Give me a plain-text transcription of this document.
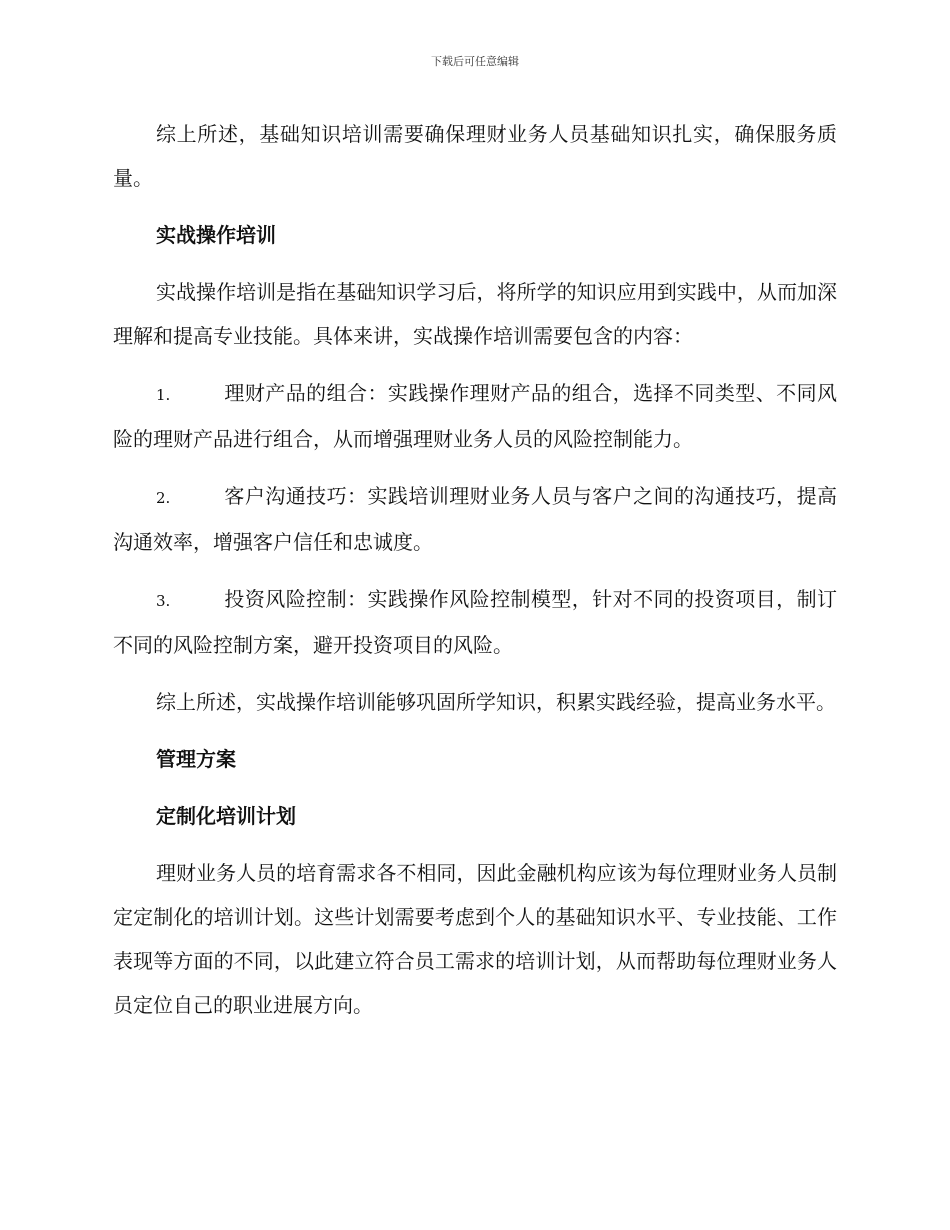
下载后可任意编辑

综上所述，基础知识培训需要确保理财业务人员基础知识扎实，确保服务质量。

实战操作培训

实战操作培训是指在基础知识学习后，将所学的知识应用到实践中，从而加深理解和提高专业技能。具体来讲，实战操作培训需要包含的内容：

1.	理财产品的组合：实践操作理财产品的组合，选择不同类型、不同风险的理财产品进行组合，从而增强理财业务人员的风险控制能力。

2.	客户沟通技巧：实践培训理财业务人员与客户之间的沟通技巧，提高沟通效率，增强客户信任和忠诚度。

3.	投资风险控制：实践操作风险控制模型，针对不同的投资项目，制订不同的风险控制方案，避开投资项目的风险。

综上所述，实战操作培训能够巩固所学知识，积累实践经验，提高业务水平。

管理方案
定制化培训计划

理财业务人员的培育需求各不相同，因此金融机构应该为每位理财业务人员制定定制化的培训计划。这些计划需要考虑到个人的基础知识水平、专业技能、工作表现等方面的不同，以此建立符合员工需求的培训计划，从而帮助每位理财业务人员定位自己的职业进展方向。
